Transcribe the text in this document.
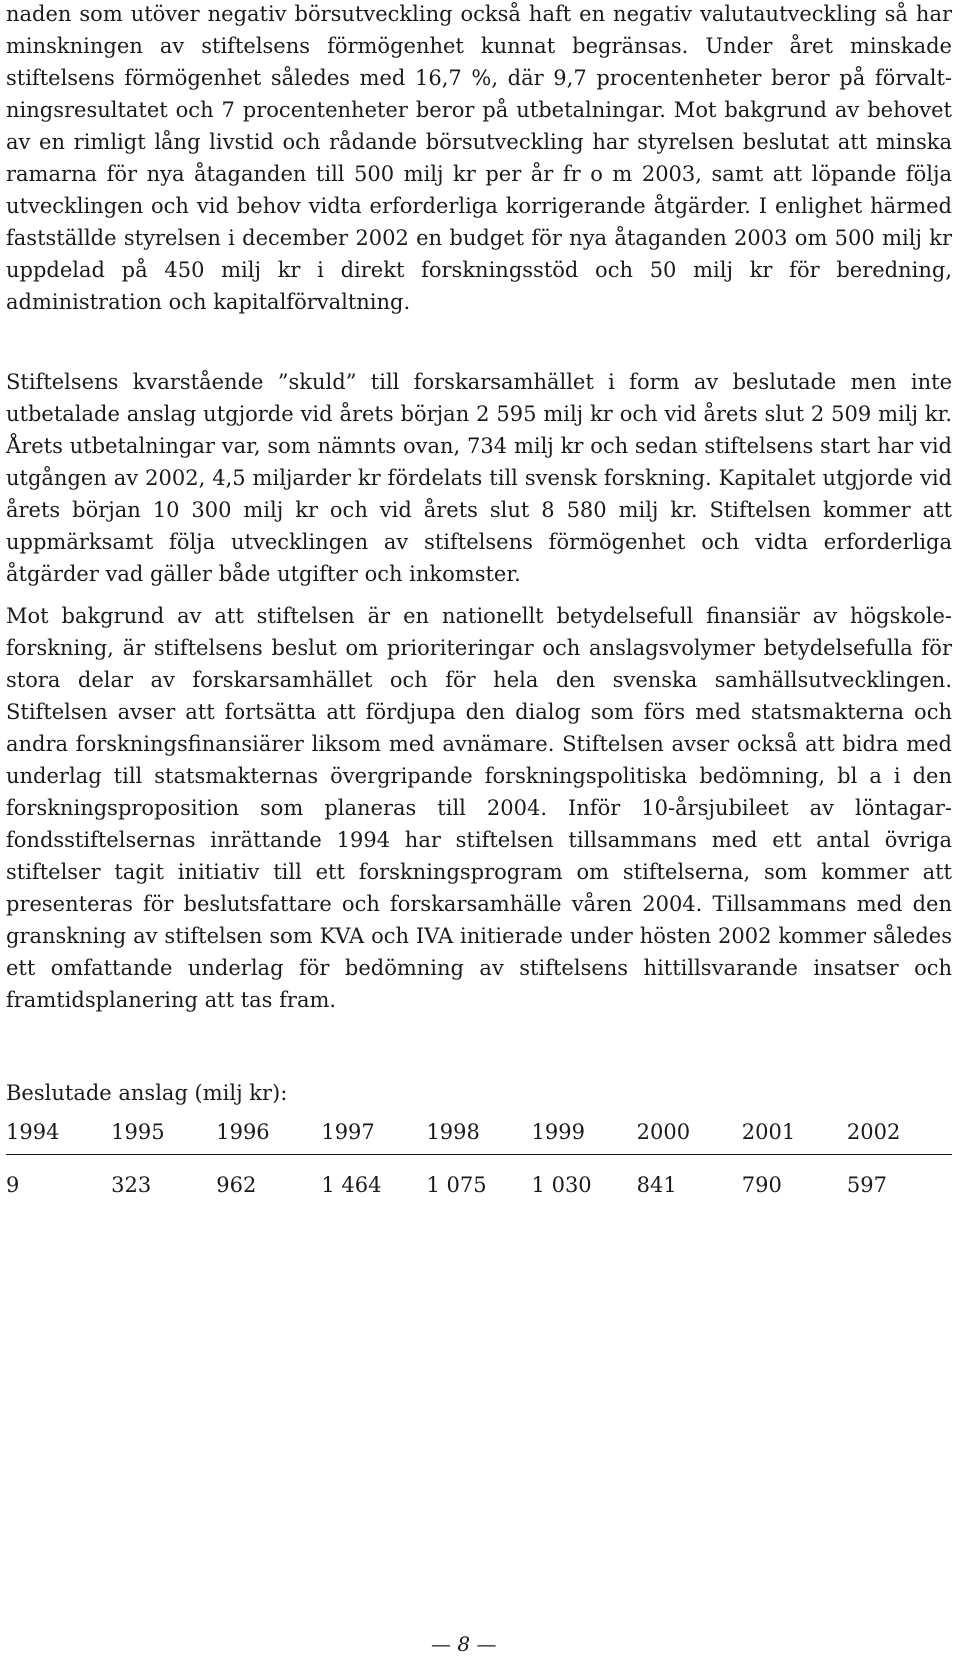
naden som utöver negativ börsutveckling också haft en negativ valutautveckling så har minskningen av stiftelsens förmögenhet kunnat begränsas. Under året minskade stiftelsens förmögenhet således med 16,7 %, där 9,7 procentenheter beror på förvaltningsresultatet och 7 procentenheter beror på utbetalningar. Mot bakgrund av behovet av en rimligt lång livstid och rådande börsutveckling har styrelsen beslutat att minska ramarna för nya åtaganden till 500 milj kr per år fr o m 2003, samt att löpande följa utvecklingen och vid behov vidta erforderliga korrigerande åtgärder. I enlighet härmed fastställde styrelsen i december 2002 en budget för nya åtaganden 2003 om 500 milj kr uppdelad på 450 milj kr i direkt forskningsstöd och 50 milj kr för beredning, administration och kapitalförvaltning.

Stiftelsens kvarstående ”skuld” till forskarsamhället i form av beslutade men inte utbetalade anslag utgjorde vid årets början 2 595 milj kr och vid årets slut 2 509 milj kr. Årets utbetalningar var, som nämnts ovan, 734 milj kr och sedan stiftelsens start har vid utgången av 2002, 4,5 miljarder kr fördelats till svensk forskning. Kapitalet utgjorde vid årets början 10 300 milj kr och vid årets slut 8 580 milj kr. Stiftelsen kommer att uppmärksamt följa utvecklingen av stiftelsens förmögenhet och vidta erforderliga åtgärder vad gäller både utgifter och inkomster.

Mot bakgrund av att stiftelsen är en nationellt betydelsefull finansiär av högskoleforskning, är stiftelsens beslut om prioriteringar och anslagsvolymer betydelsefulla för stora delar av forskarsamhället och för hela den svenska samhällsutvecklingen. Stiftelsen avser att fortsätta att fördjupa den dialog som förs med statsmakterna och andra forskningsfinansiärer liksom med avnämare. Stiftelsen avser också att bidra med underlag till statsmakternas övergripande forskningspolitiska bedömning, bl a i den forskningsproposition som planeras till 2004. Inför 10-årsjubileet av löntagarfondsstiftelsernas inrättande 1994 har stiftelsen tillsammans med ett antal övriga stiftelser tagit initiativ till ett forskningsprogram om stiftelserna, som kommer att presenteras för beslutsfattare och forskarsamhälle våren 2004. Tillsammans med den granskning av stiftelsen som KVA och IVA initierade under hösten 2002 kommer således ett omfattande underlag för bedömning av stiftelsens hittillsvarande insatser och framtidsplanering att tas fram.

Beslutade anslag (milj kr):

1994	1995	1996	1997	1998	1999	2000	2001	2002
9	323	962	1 464	1 075	1 030	841	790	597

— 8 —
